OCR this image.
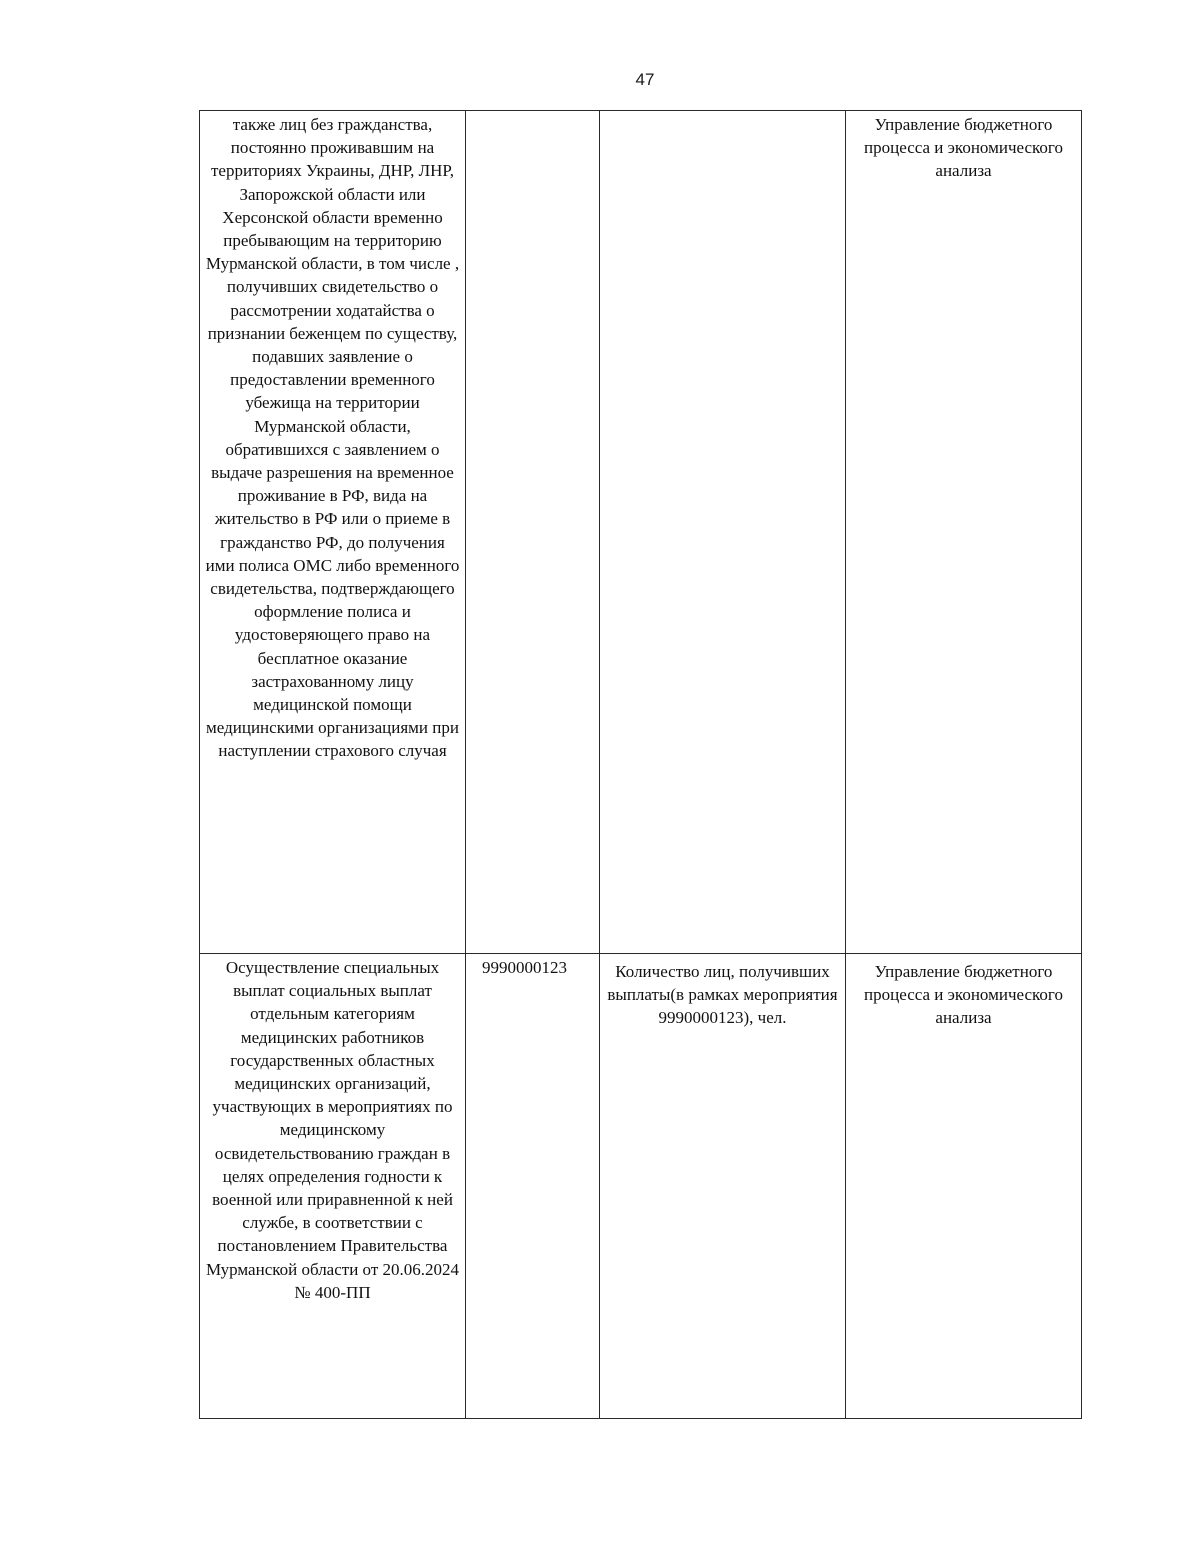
47
также лиц без гражданства, постоянно проживавшим на территориях Украины, ДНР, ЛНР, Запорожской области или Херсонской области временно пребывающим на территорию Мурманской области, в том числе , получивших свидетельство о рассмотрении ходатайства о признании беженцем по существу, подавших заявление о предоставлении временного убежища на территории Мурманской области, обратившихся с заявлением о выдаче разрешения на временное проживание в РФ, вида на жительство в РФ или о приеме в гражданство РФ, до получения ими полиса ОМС либо временного свидетельства, подтверждающего оформление полиса и удостоверяющего право на бесплатное оказание застрахованному лицу медицинской помощи медицинскими организациями при наступлении страхового случая			Управление бюджетного процесса и экономического анализа

Осуществление специальных выплат социальных выплат отдельным категориям медицинских работников государственных областных медицинских организаций, участвующих в мероприятиях по медицинскому освидетельствованию граждан в целях определения годности к военной или приравненной к ней службе, в соответствии с постановлением Правительства Мурманской области от 20.06.2024 № 400-ПП	9990000123	Количество лиц, получивших выплаты(в рамках мероприятия 9990000123), чел.	Управление бюджетного процесса и экономического анализа
